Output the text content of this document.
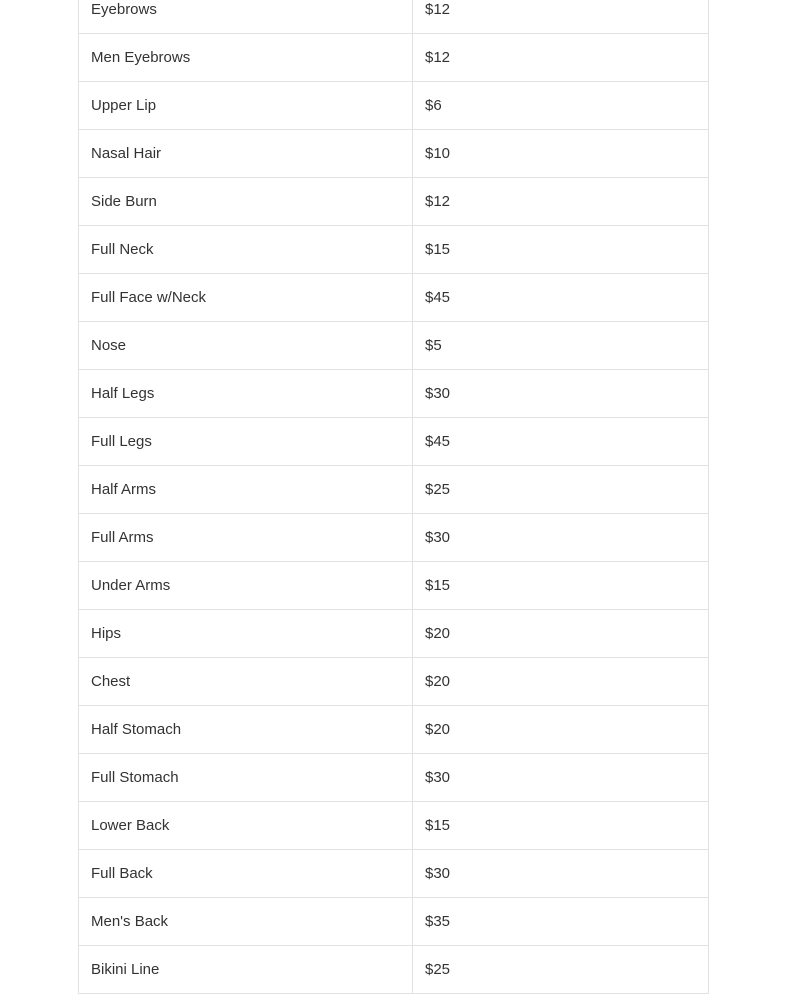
Eyebrows	$12
Men Eyebrows	$12
Upper Lip	$6
Nasal Hair	$10
Side Burn	$12
Full Neck	$15
Full Face w/Neck	$45
Nose	$5
Half Legs	$30
Full Legs	$45
Half Arms	$25
Full Arms	$30
Under Arms	$15
Hips	$20
Chest	$20
Half Stomach	$20
Full Stomach	$30
Lower Back	$15
Full Back	$30
Men's Back	$35
Bikini Line	$25
